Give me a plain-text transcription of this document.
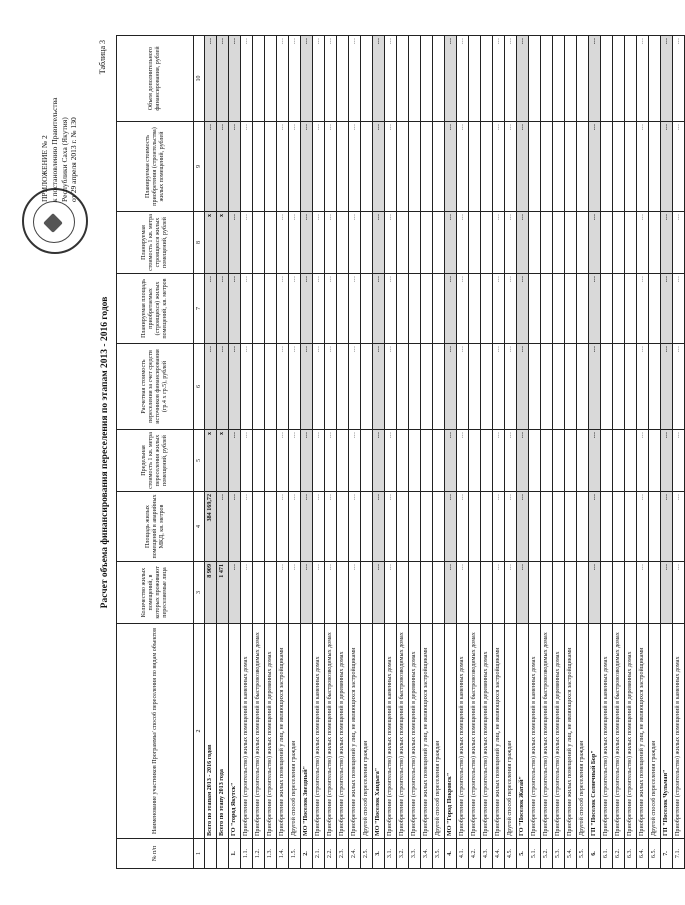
ПРИЛОЖЕНИЕ № 2 к постановлению Правительства Республики Саха (Якутия) от 29 апреля 2013 г. № 130
Таблица 3
Расчет объема финансирования переселения по этапам 2013 - 2016 годов
№ п/п	Наименование участников Программы/ способ переселения по видам объектов	Количество жилых помещений, в которых проживают переселяемые лица	Площадь жилых помещений в аварийных МКД, кв. метров	Предельная стоимость 1 кв. метра переселения жилых помещений, рублей	Расчетная стоимость переселения за счет средств источников финансирования (гр.4 х гр.5), рублей	Планируемая площадь приобретаемых (строящихся) жилых помещений, кв. метров	Планируемая стоимость 1 кв. метра строящихся жилых помещений, рублей	Планируемая стоимость приобретения (строительства) жилых помещений, рублей	Объем дополнительного финансирования, рублей
1	2	3	4	5	6	7	8	9	10
	Всего по этапам 2013 - 2016 годов	8 909	384 169,72	x	…	…	x	…	…
	Всего по этапу 2013 года	1 471	…	x	…	…	x	…	…
1.	ГО "город Якутск"	…	…	…	…	…	…	…	…
1.1.	Приобретение (строительство) жилых помещений в каменных домах	…	…	…	…	…	…	…	…
1.2.	Приобретение (строительство) жилых помещений в быстровозводимых домах								
1.3.	Приобретение (строительство) жилых помещений в деревянных домах								
1.4.	Приобретение жилых помещений у лиц, не являющихся застройщиками	…	…	…	…	…	…	…	…
1.5.	Другой способ переселения граждан	…	…	…	…	…	…	…	…
2.	МО "Поселок Звездный"	…	…	…	…	…	…	…	…
2.1.	Приобретение (строительство) жилых помещений в каменных домах	…	…	…	…	…	…	…	…
2.2.	Приобретение (строительство) жилых помещений в быстровозводимых домах	…	…	…	…	…	…	…	…
2.3.	Приобретение (строительство) жилых помещений в деревянных домах								
2.4.	Приобретение жилых помещений у лиц, не являющихся застройщиками	…	…	…	…	…	…	…	…
2.5.	Другой способ переселения граждан								
3.	МО "Поселок Хандыга"	…	…	…	…	…	…	…	…
3.1.	Приобретение (строительство) жилых помещений в каменных домах	…	…	…	…	…	…	…	…
3.2.	Приобретение (строительство) жилых помещений в быстровозводимых домах								
3.3.	Приобретение (строительство) жилых помещений в деревянных домах								
3.4.	Приобретение жилых помещений у лиц, не являющихся застройщиками								
3.5.	Другой способ переселения граждан								
4.	МО "Город Покровск"	…	…	…	…	…	…	…	…
4.1.	Приобретение (строительство) жилых помещений в каменных домах	…	…	…	…	…	…	…	…
4.2.	Приобретение (строительство) жилых помещений в быстровозводимых домах								
4.3.	Приобретение (строительство) жилых помещений в деревянных домах								
4.4.	Приобретение жилых помещений у лиц, не являющихся застройщиками	…	…	…	…	…	…	…	…
4.5.	Другой способ переселения граждан	…	…	…	…	…	…	…	…
5.	ГО "Поселок Жатай"	…	…	…	…	…	…	…	…
5.1.	Приобретение (строительство) жилых помещений в каменных домах								
5.2.	Приобретение (строительство) жилых помещений в быстровозводимых домах								
5.3.	Приобретение (строительство) жилых помещений в деревянных домах								
5.4.	Приобретение жилых помещений у лиц, не являющихся застройщиками								
5.5.	Другой способ переселения граждан								
6.	ГП "Поселок Солнечный Бор"	…	…	…	…	…	…	…	…
6.1.	Приобретение (строительство) жилых помещений в каменных домах								
6.2.	Приобретение (строительство) жилых помещений в быстровозводимых домах								
6.3.	Приобретение (строительство) жилых помещений в деревянных домах								
6.4.	Приобретение жилых помещений у лиц, не являющихся застройщиками	…	…	…	…	…	…	…	…
6.5.	Другой способ переселения граждан								
7.	ГП "Поселок Чульман"	…	…	…	…	…	…	…	…
7.1.	Приобретение (строительство) жилых помещений в каменных домах	…	…	…	…	…	…	…	…
